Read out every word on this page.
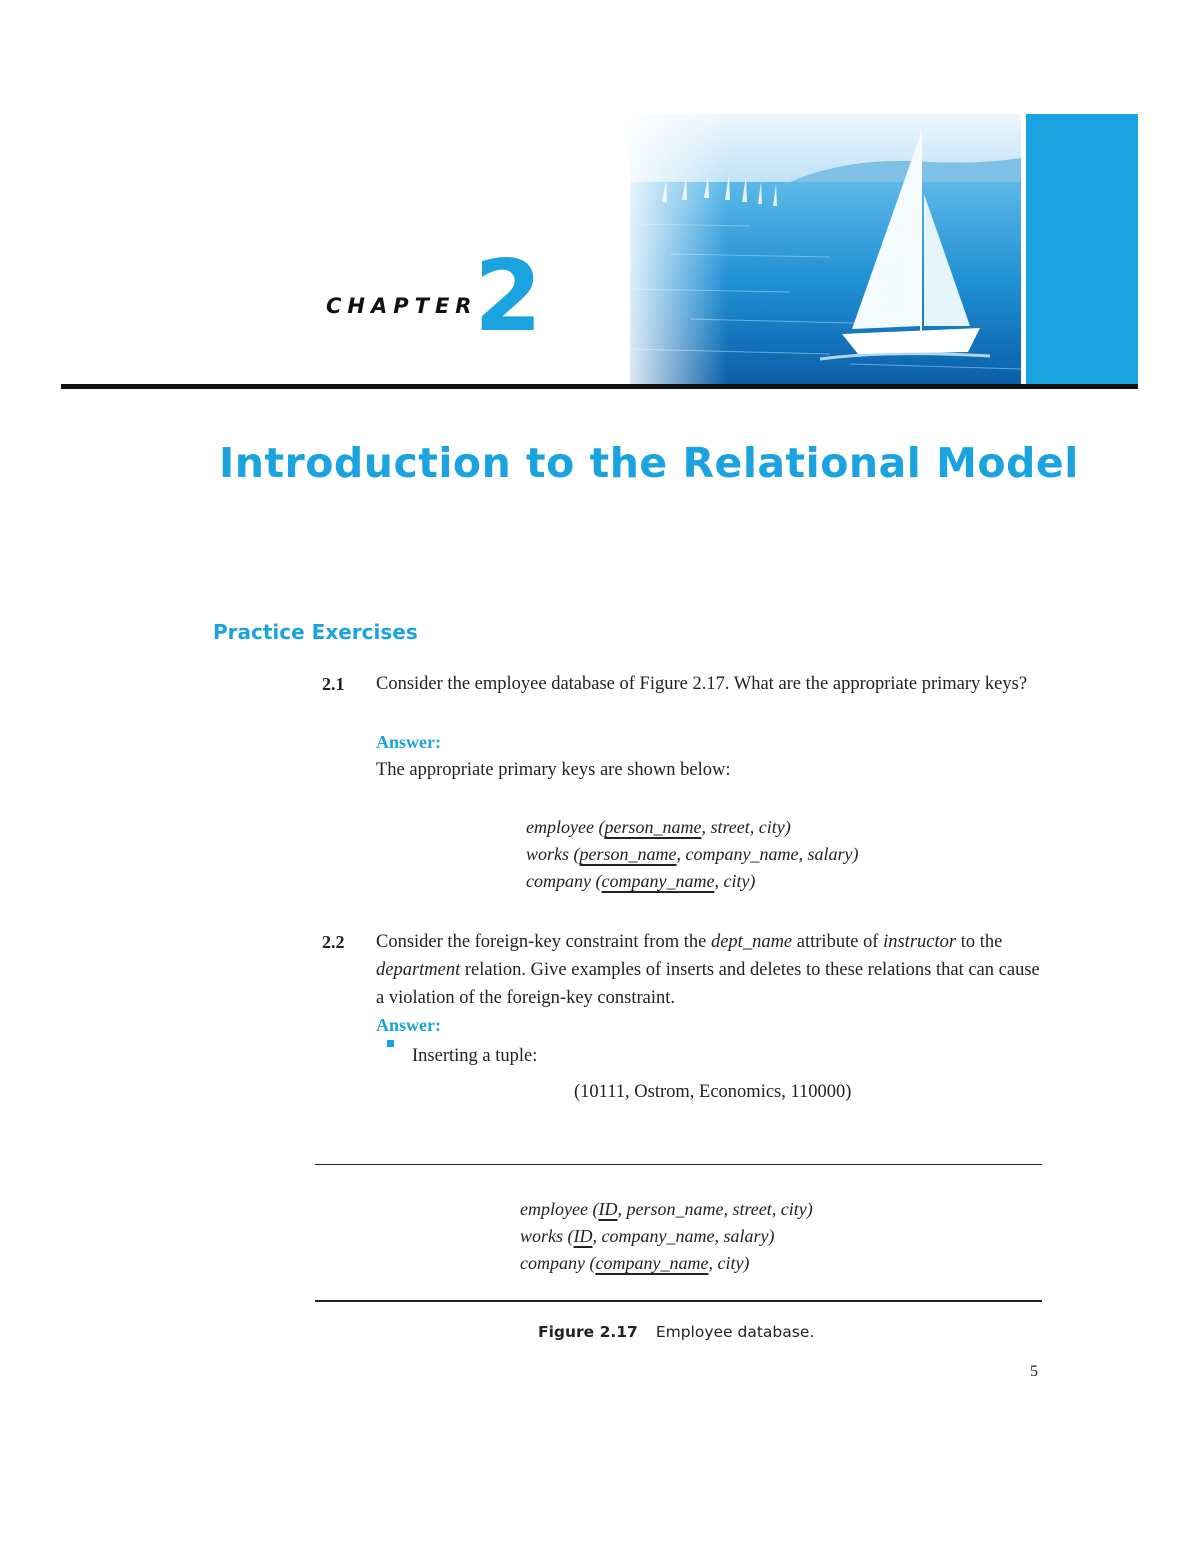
CHAPTER
2
Introduction to the Relational Model
Practice Exercises
2.1 Consider the employee database of Figure 2.17. What are the appropriate primary keys?
Answer:
The appropriate primary keys are shown below:
employee (person_name, street, city)
works (person_name, company_name, salary)
company (company_name, city)
2.2 Consider the foreign-key constraint from the dept_name attribute of instructor to the department relation. Give examples of inserts and deletes to these relations that can cause a violation of the foreign-key constraint.
Answer:
Inserting a tuple:
(10111, Ostrom, Economics, 110000)
employee (ID, person_name, street, city)
works (ID, company_name, salary)
company (company_name, city)
Figure 2.17 Employee database.
5
